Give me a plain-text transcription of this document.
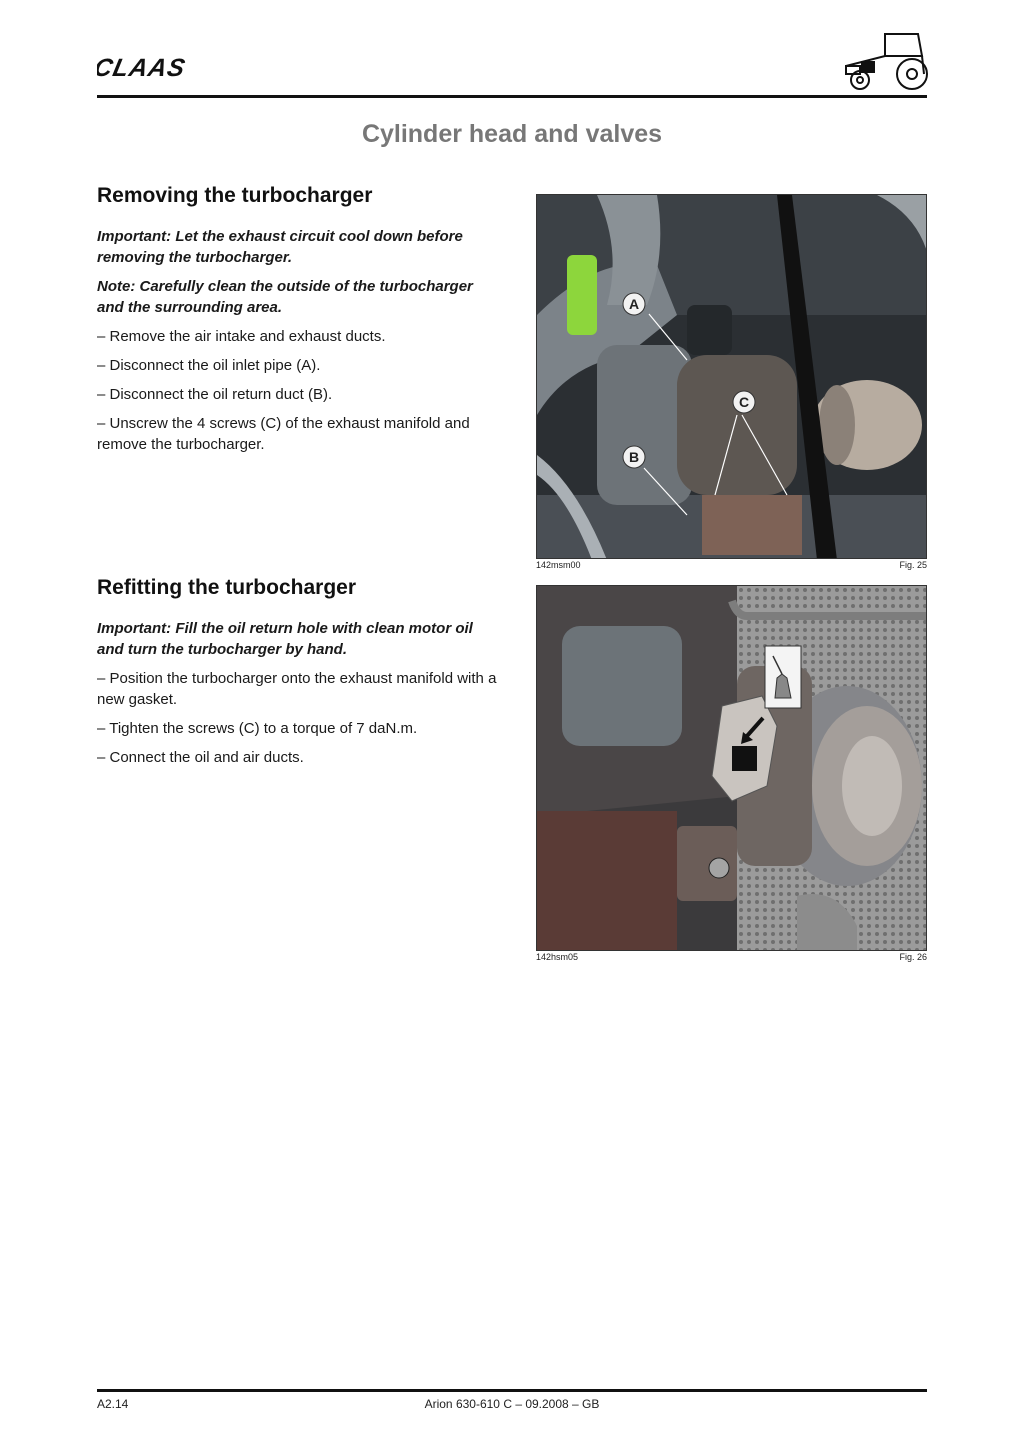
CLAAS
Cylinder head and valves
Removing the turbocharger

Important: Let the exhaust circuit cool down before removing the turbocharger.

Note: Carefully clean the outside of the turbocharger and the surrounding area.

– Remove the air intake and exhaust ducts.

– Disconnect the oil inlet pipe (A).

– Disconnect the oil return duct (B).

– Unscrew the 4 screws (C) of the exhaust manifold and remove the turbocharger.

A
B
C
142msm00	Fig. 25
Refitting the turbocharger

Important: Fill the oil return hole with clean motor oil and turn the turbocharger by hand.

– Position the turbocharger onto the exhaust manifold with a new gasket.

– Tighten the screws (C) to a torque of 7 daN.m.

– Connect the oil and air ducts.

142hsm05	Fig. 26
A2.14	Arion 630-610 C – 09.2008 – GB
